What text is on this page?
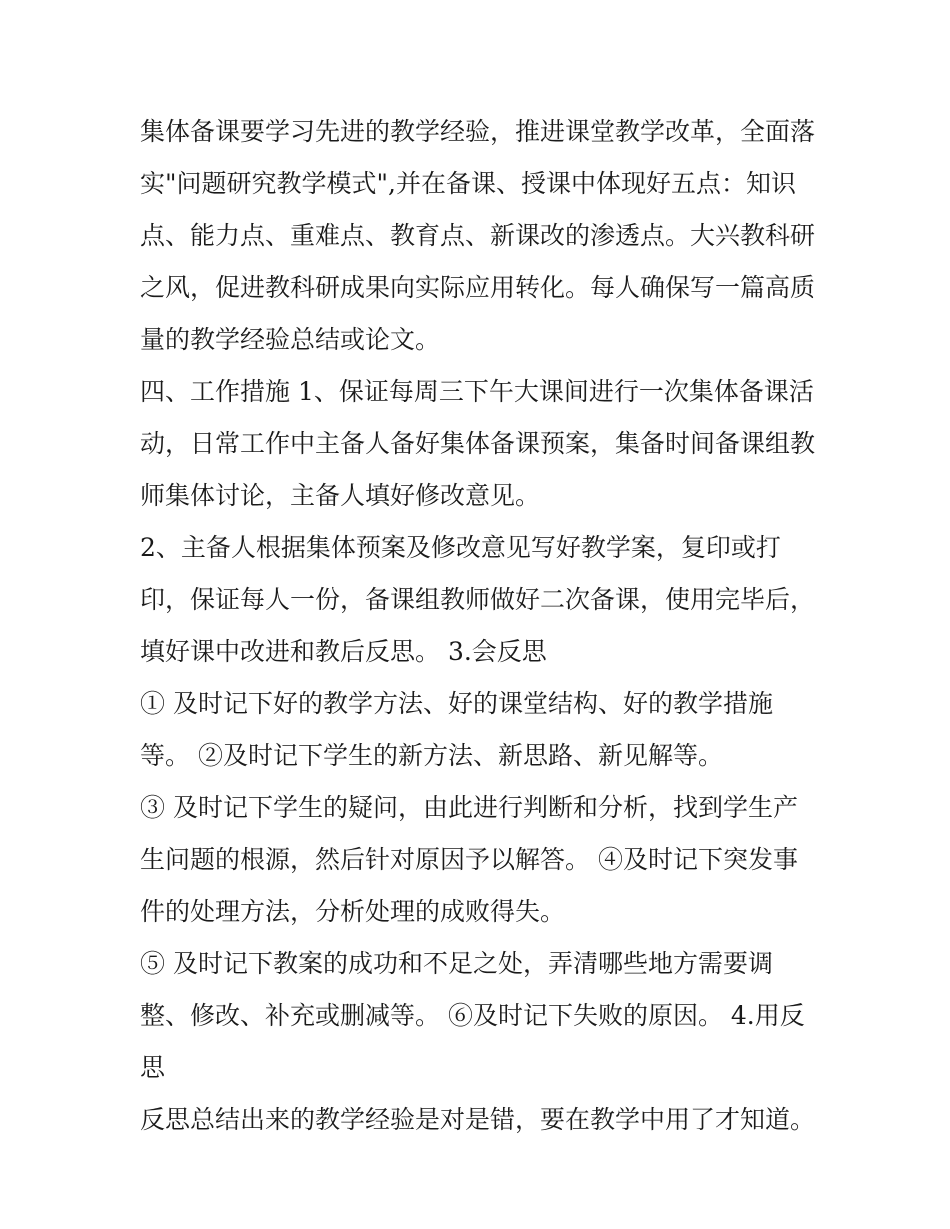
集体备课要学习先进的教学经验，推进课堂教学改革，全面落
实"问题研究教学模式",并在备课、授课中体现好五点：知识
点、能力点、重难点、教育点、新课改的渗透点。大兴教科研
之风，促进教科研成果向实际应用转化。每人确保写一篇高质
量的教学经验总结或论文。

四、工作措施 1、保证每周三下午大课间进行一次集体备课活
动，日常工作中主备人备好集体备课预案，集备时间备课组教
师集体讨论，主备人填好修改意见。

2、主备人根据集体预案及修改意见写好教学案，复印或打
印，保证每人一份，备课组教师做好二次备课，使用完毕后，
填好课中改进和教后反思。 3.会反思

① 及时记下好的教学方法、好的课堂结构、好的教学措施
等。 ②及时记下学生的新方法、新思路、新见解等。

③ 及时记下学生的疑问，由此进行判断和分析，找到学生产
生问题的根源，然后针对原因予以解答。 ④及时记下突发事
件的处理方法，分析处理的成败得失。

⑤ 及时记下教案的成功和不足之处，弄清哪些地方需要调
整、修改、补充或删减等。 ⑥及时记下失败的原因。 4.用反
思

反思总结出来的教学经验是对是错，要在教学中用了才知道。
